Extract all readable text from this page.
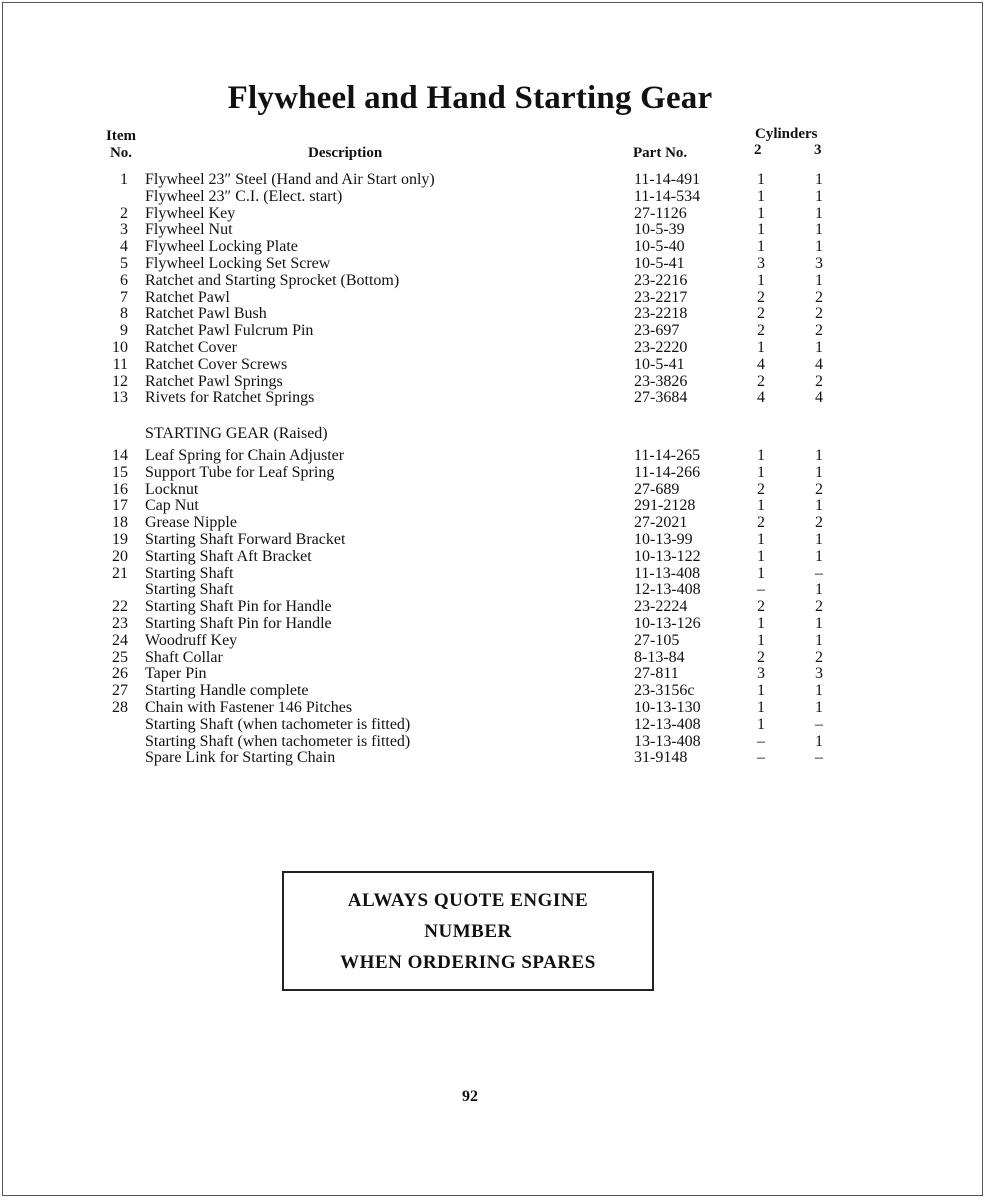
Flywheel and Hand Starting Gear
Item
No.	Description	Part No.
Cylinders
2	3
1 Flywheel 23″ Steel (Hand and Air Start only)	11-14-491	1	1
Flywheel 23″ C.I. (Elect. start)	11-14-534	1	1
2 Flywheel Key	27-1126	1	1
3 Flywheel Nut	10-5-39	1	1
4 Flywheel Locking Plate	10-5-40	1	1
5 Flywheel Locking Set Screw	10-5-41	3	3
6 Ratchet and Starting Sprocket (Bottom)	23-2216	1	1
7 Ratchet Pawl	23-2217	2	2
8 Ratchet Pawl Bush	23-2218	2	2
9 Ratchet Pawl Fulcrum Pin	23-697	2	2
10 Ratchet Cover	23-2220	1	1
11 Ratchet Cover Screws	10-5-41	4	4
12 Ratchet Pawl Springs	23-3826	2	2
13 Rivets for Ratchet Springs	27-3684	4	4
STARTING GEAR (Raised)
14 Leaf Spring for Chain Adjuster	11-14-265	1	1
15 Support Tube for Leaf Spring	11-14-266	1	1
16 Locknut	27-689	2	2
17 Cap Nut	291-2128	1	1
18 Grease Nipple	27-2021	2	2
19 Starting Shaft Forward Bracket	10-13-99	1	1
20 Starting Shaft Aft Bracket	10-13-122	1	1
21 Starting Shaft	11-13-408	1	–
Starting Shaft	12-13-408	–	1
22 Starting Shaft Pin for Handle	23-2224	2	2
23 Starting Shaft Pin for Handle	10-13-126	1	1
24 Woodruff Key	27-105	1	1
25 Shaft Collar	8-13-84	2	2
26 Taper Pin	27-811	3	3
27 Starting Handle complete	23-3156c	1	1
28 Chain with Fastener 146 Pitches	10-13-130	1	1
Starting Shaft (when tachometer is fitted)	12-13-408	1	–
Starting Shaft (when tachometer is fitted)	13-13-408	–	1
Spare Link for Starting Chain	31-9148	–	–
ALWAYS QUOTE ENGINE
NUMBER
WHEN ORDERING SPARES
92
